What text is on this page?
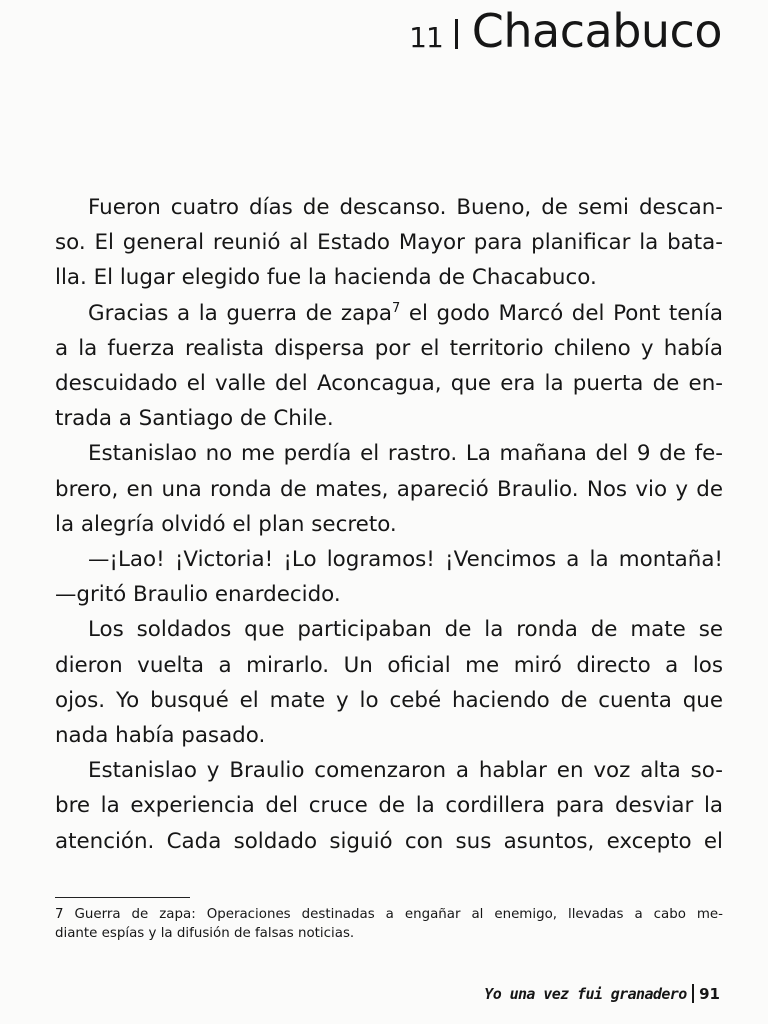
11 Chacabuco

Fueron cuatro días de descanso. Bueno, de semi descan-
so. El general reunió al Estado Mayor para planificar la bata-
lla. El lugar elegido fue la hacienda de Chacabuco.

Gracias a la guerra de zapa$^7$ el godo Marcó del Pont tenía
a la fuerza realista dispersa por el territorio chileno y había
descuidado el valle del Aconcagua, que era la puerta de en-
trada a Santiago de Chile.

Estanislao no me perdía el rastro. La mañana del 9 de fe-
brero, en una ronda de mates, apareció Braulio. Nos vio y de
la alegría olvidó el plan secreto.

—¡Lao! ¡Victoria! ¡Lo logramos! ¡Vencimos a la montaña!
—gritó Braulio enardecido.

Los soldados que participaban de la ronda de mate se
dieron vuelta a mirarlo. Un oficial me miró directo a los
ojos. Yo busqué el mate y lo cebé haciendo de cuenta que
nada había pasado.

Estanislao y Braulio comenzaron a hablar en voz alta so-
bre la experiencia del cruce de la cordillera para desviar la
atención. Cada soldado siguió con sus asuntos, excepto el

7 Guerra de zapa: Operaciones destinadas a engañar al enemigo, llevadas a cabo me-
diante espías y la difusión de falsas noticias.
Yo una vez fui granadero 91
